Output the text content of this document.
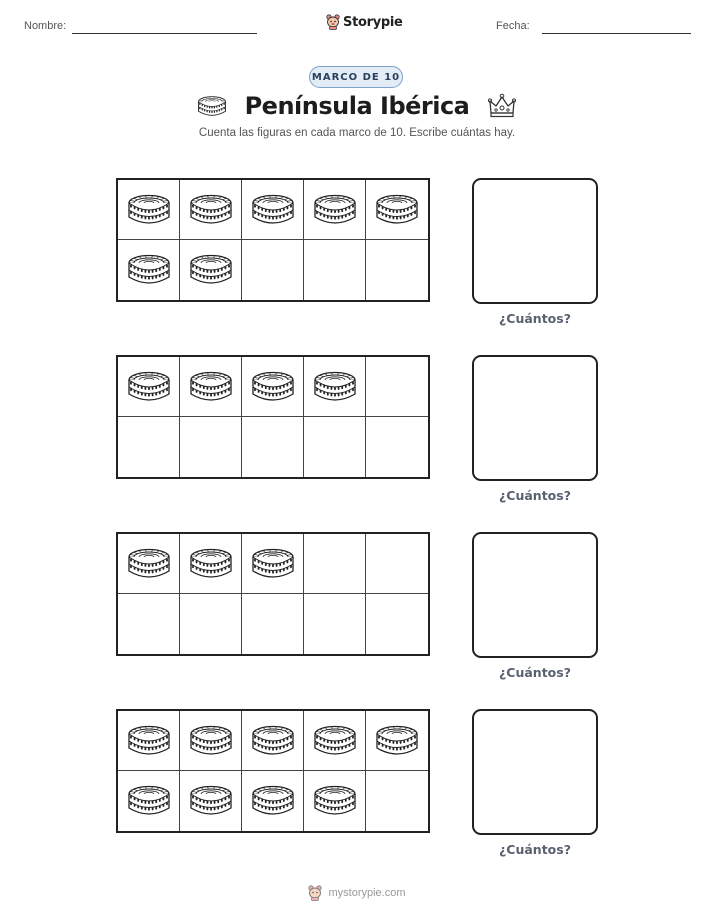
Nombre:	Storypie	Fecha:
MARCO DE 10
Península Ibérica
Cuenta las figuras en cada marco de 10. Escribe cuántas hay.
¿Cuántos?
¿Cuántos?
¿Cuántos?
¿Cuántos?
mystorypie.com
